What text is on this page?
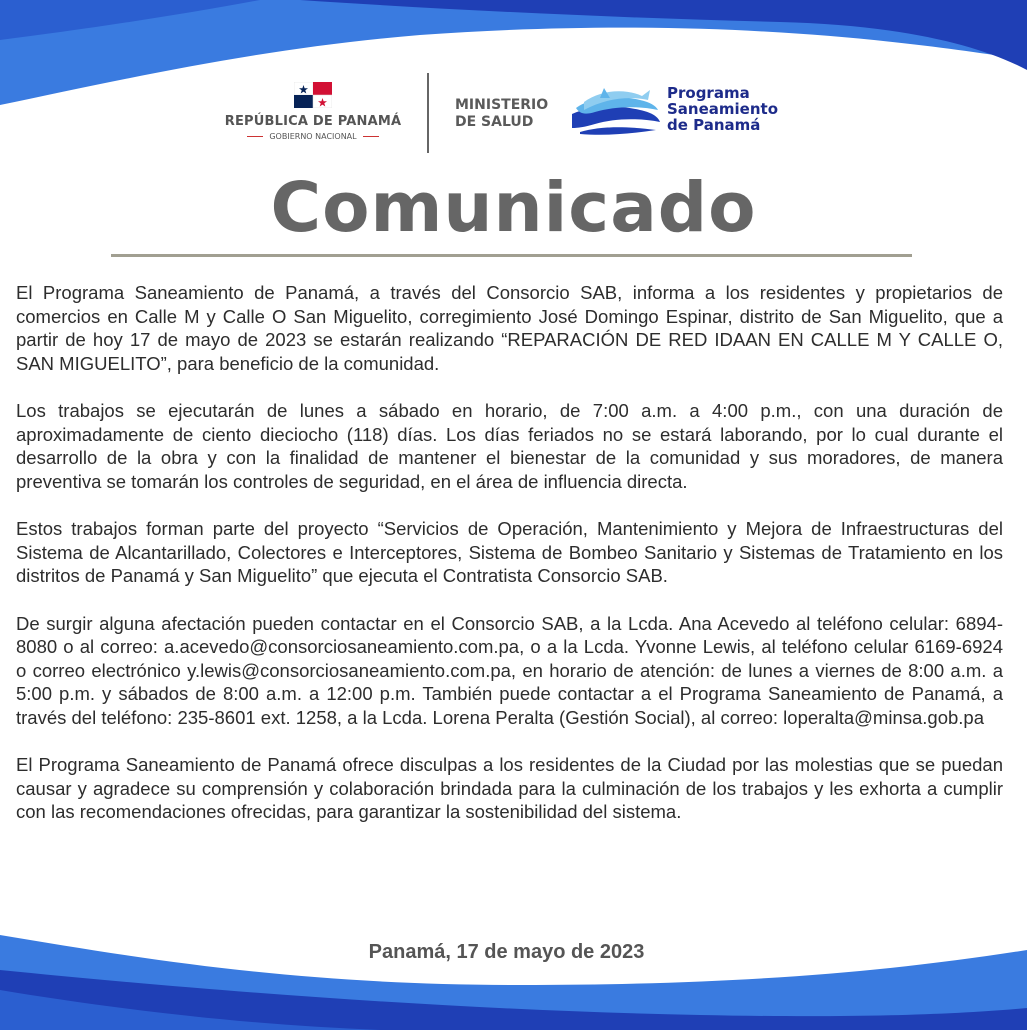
REPÚBLICA DE PANAMÁ
GOBIERNO NACIONAL
MINISTERIO
DE SALUD
Programa
Saneamiento
de Panamá
Comunicado

El Programa Saneamiento de Panamá, a través del Consorcio SAB, informa a los residentes y propietarios de comercios en Calle M y Calle O San Miguelito, corregimiento José Domingo Espinar, distrito de San Miguelito, que a partir de hoy 17 de mayo de 2023 se estarán realizando “REPARACIÓN DE RED IDAAN EN CALLE M Y CALLE O, SAN MIGUELITO”, para beneficio de la comunidad.

Los trabajos se ejecutarán de lunes a sábado en horario, de 7:00 a.m. a 4:00 p.m., con una duración de aproximadamente de ciento dieciocho (118) días. Los días feriados no se estará laborando, por lo cual durante el desarrollo de la obra y con la finalidad de mantener el bienestar de la comunidad y sus moradores, de manera preventiva se tomarán los controles de seguridad, en el área de influencia directa.

Estos trabajos forman parte del proyecto “Servicios de Operación, Mantenimiento y Mejora de Infraestructuras del Sistema de Alcantarillado, Colectores e Interceptores, Sistema de Bombeo Sanitario y Sistemas de Tratamiento en los distritos de Panamá y San Miguelito” que ejecuta el Contratista Consorcio SAB.

De surgir alguna afectación pueden contactar en el Consorcio SAB, a la Lcda. Ana Acevedo al teléfono celular: 6894-8080 o al correo: a.acevedo@consorciosaneamiento.com.pa, o a la Lcda. Yvonne Lewis, al teléfono celular 6169-6924 o correo electrónico y.lewis@consorciosaneamiento.com.pa, en horario de atención: de lunes a viernes de 8:00 a.m. a 5:00 p.m. y sábados de 8:00 a.m. a 12:00 p.m. También puede contactar a el Programa Saneamiento de Panamá, a través del teléfono: 235-8601 ext. 1258, a la Lcda. Lorena Peralta (Gestión Social), al correo: loperalta@minsa.gob.pa

El Programa Saneamiento de Panamá ofrece disculpas a los residentes de la Ciudad por las molestias que se puedan causar y agradece su comprensión y colaboración brindada para la culminación de los trabajos y les exhorta a cumplir con las recomendaciones ofrecidas, para garantizar la sostenibilidad del sistema.

Panamá, 17 de mayo de 2023
